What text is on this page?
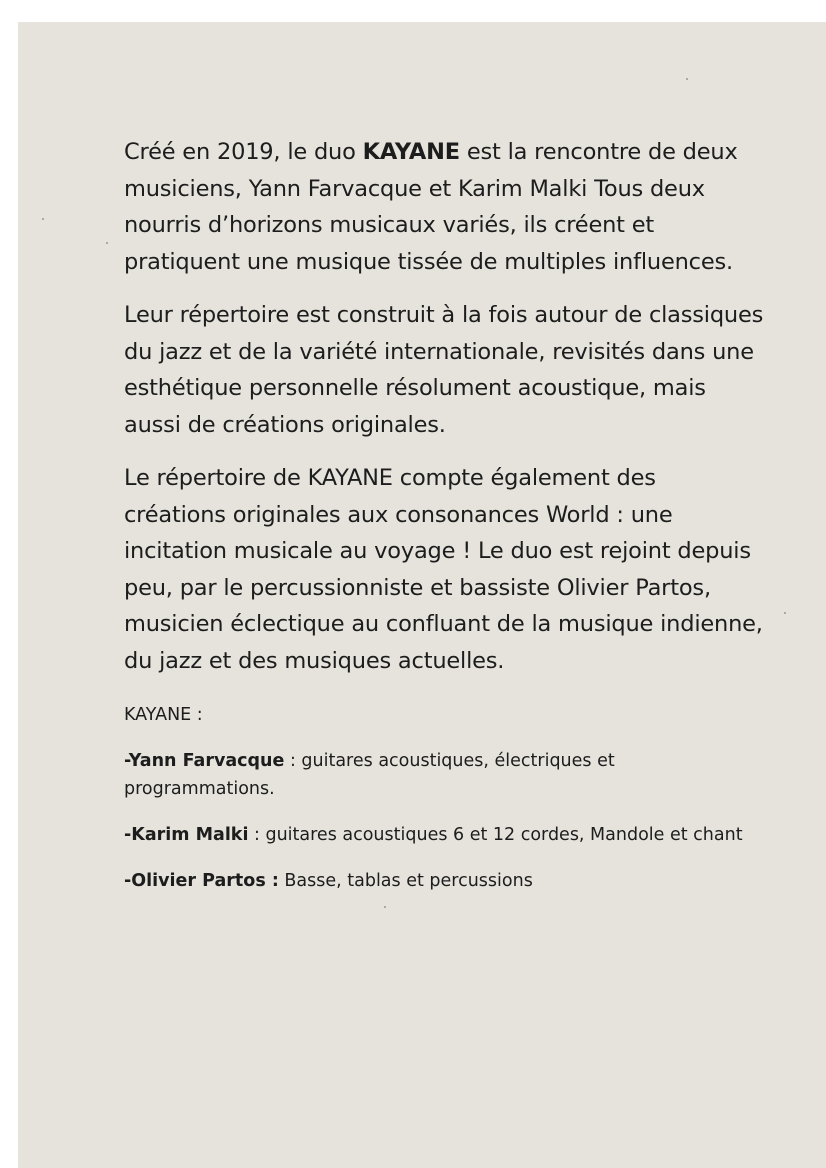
Créé en 2019, le duo KAYANE est la rencontre de deux musiciens, Yann Farvacque et Karim Malki Tous deux nourris d’horizons musicaux variés, ils créent et pratiquent une musique tissée de multiples influences.

Leur répertoire est construit à la fois autour de classiques du jazz et de la variété internationale, revisités dans une esthétique personnelle résolument acoustique, mais aussi de créations originales.

Le répertoire de KAYANE compte également des créations originales aux consonances World : une incitation musicale au voyage ! Le duo est rejoint depuis peu, par le percussionniste et bassiste Olivier Partos, musicien éclectique au confluant de la musique indienne, du jazz et des musiques actuelles.

KAYANE :
-Yann Farvacque : guitares acoustiques, électriques et programmations.
-Karim Malki : guitares acoustiques 6 et 12 cordes, Mandole et chant
-Olivier Partos : Basse, tablas et percussions
